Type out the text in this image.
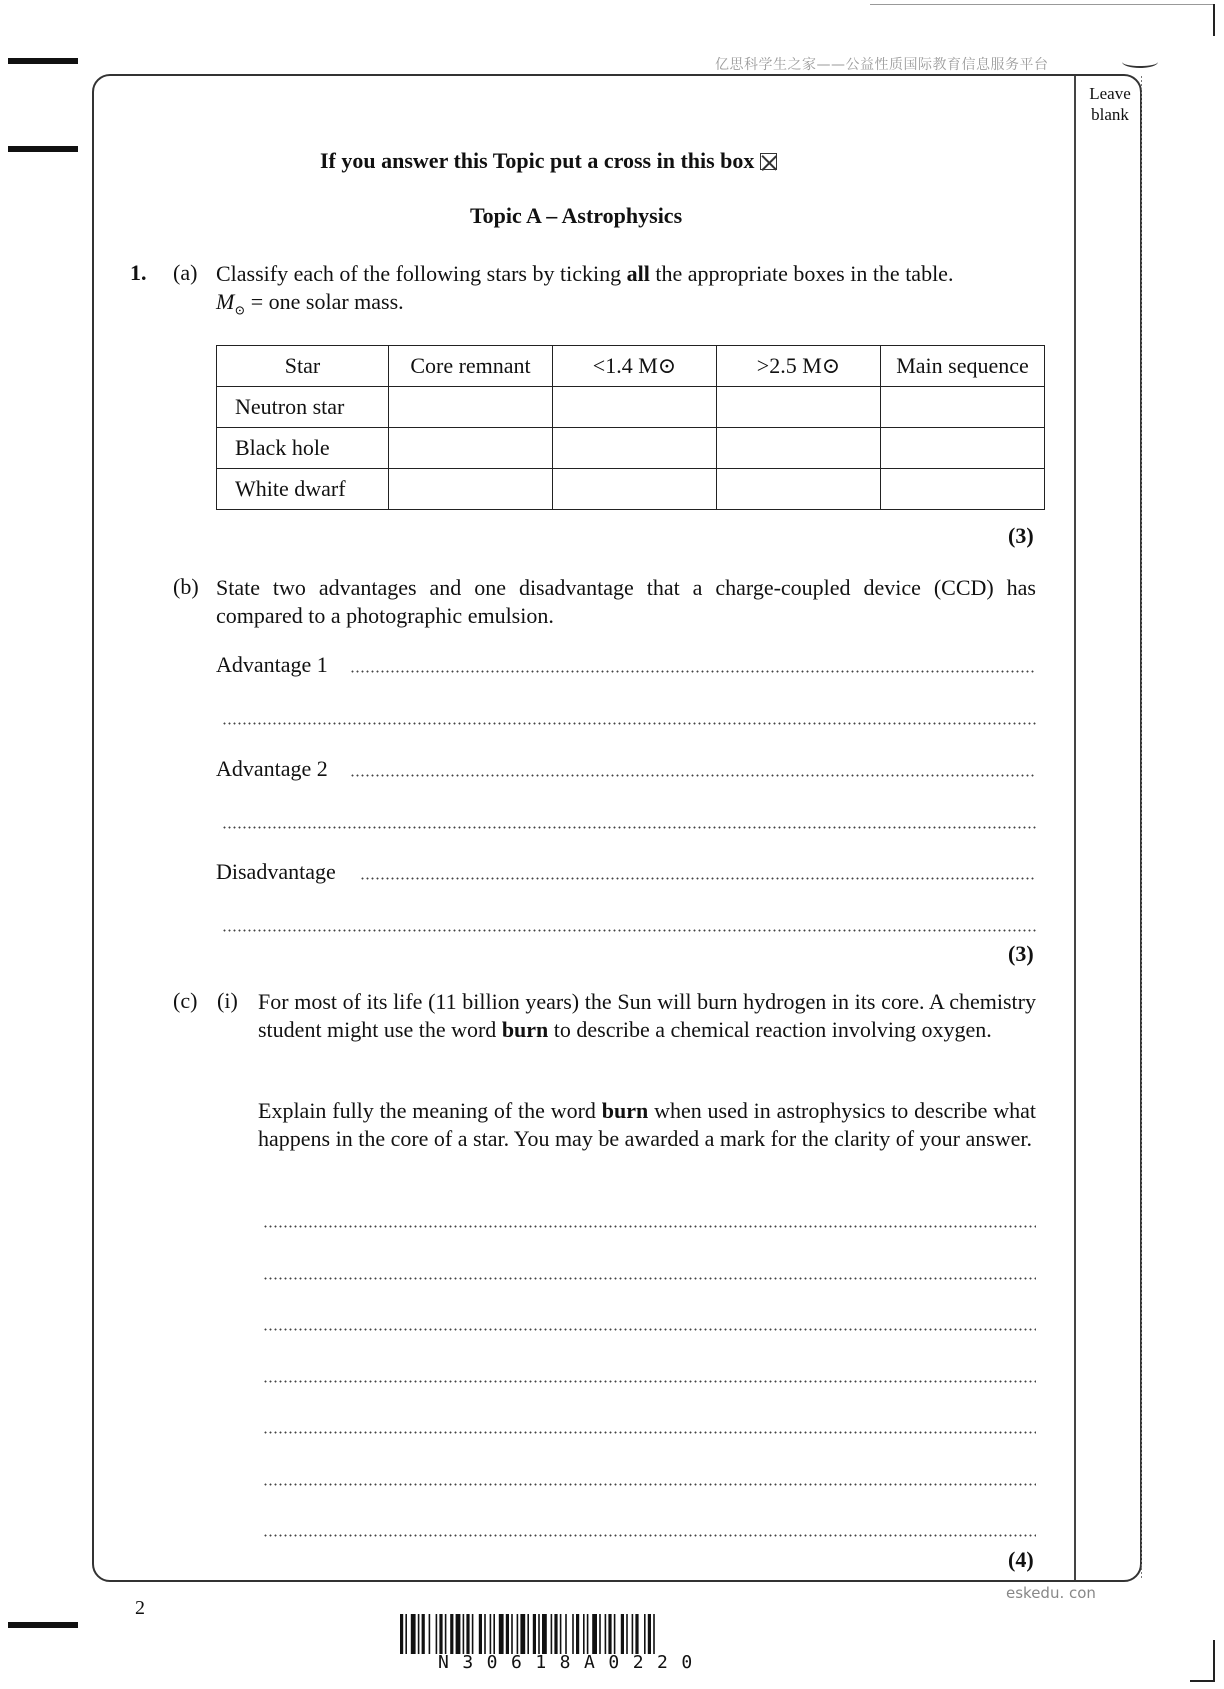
亿思科学生之家——公益性质国际教育信息服务平台
Leave
blank
If you answer this Topic put a cross in this box
Topic A – Astrophysics
1. (a) Classify each of the following stars by ticking all the appropriate boxes in the table.
$M_⊙$ = one solar mass.
Star	Core remnant	<1.4 M⊙	>2.5 M⊙	Main sequence
Neutron star				
Black hole				
White dwarf				
(3)
(b) State two advantages and one disadvantage that a charge-coupled device (CCD) has compared to a photographic emulsion.
Advantage 1
Advantage 2
Disadvantage
(3)
(c) (i) For most of its life (11 billion years) the Sun will burn hydrogen in its core. A chemistry student might use the word burn to describe a chemical reaction involving oxygen.
Explain fully the meaning of the word burn when used in astrophysics to describe what happens in the core of a star. You may be awarded a mark for the clarity of your answer.
(4)
2
eskedu. con
N30618A0220
